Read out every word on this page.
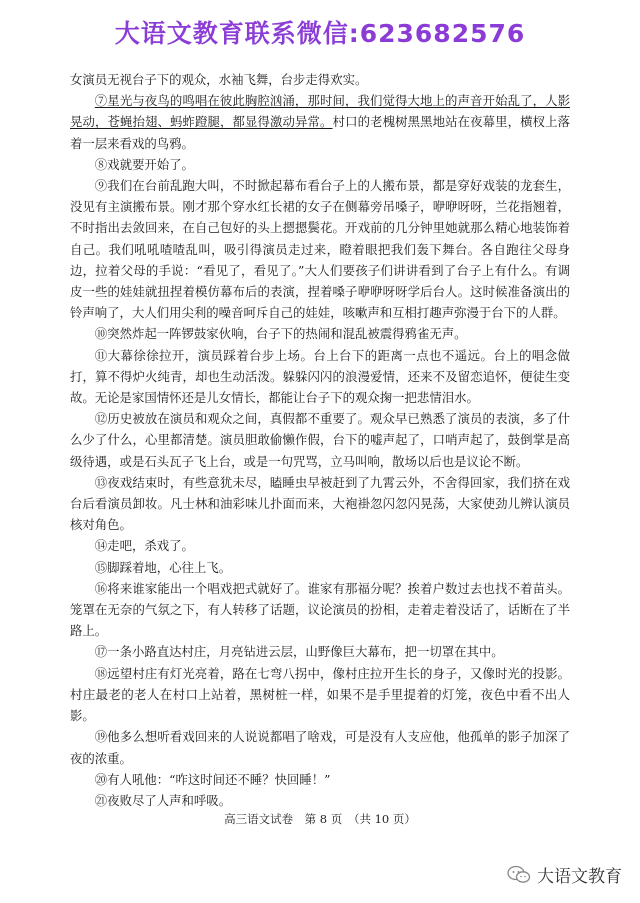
大语文教育联系微信:623682576

女演员无视台子下的观众，水袖飞舞，台步走得欢实。

⑦星光与夜鸟的鸣唱在彼此胸腔汹涌，那时间，我们觉得大地上的声音开始乱了，人影晃动，苍蝇抬翅、蚂蚱蹬腿，都显得激动异常。村口的老槐树黑黑地站在夜幕里，横杈上落着一层来看戏的鸟鸦。

⑧戏就要开始了。

⑨我们在台前乱跑大叫，不时掀起幕布看台子上的人搬布景，都是穿好戏装的龙套生，没见有主演搬布景。刚才那个穿水红长裙的女子在侧幕旁吊嗓子，咿咿呀呀，兰花指翘着，不时指出去敛回来，在自己包好的头上摁摁鬓花。开戏前的几分钟里她就那么精心地装饰着自己。我们吼吼喳喳乱叫，吸引得演员走过来，瞪着眼把我们轰下舞台。各自跑往父母身边，拉着父母的手说：“看见了，看见了。”大人们要孩子们讲讲看到了台子上有什么。有调皮一些的娃娃就扭捏着模仿幕布后的表演，捏着嗓子咿咿呀呀学后台人。这时候准备演出的铃声响了，大人们用尖利的噪音呵斥自己的娃娃，咳嗽声和互相打趣声弥漫于台下的人群。

⑩突然炸起一阵锣鼓家伙响，台子下的热闹和混乱被震得鸦雀无声。

⑪大幕徐徐拉开，演员踩着台步上场。台上台下的距离一点也不遥远。台上的唱念做打，算不得炉火纯青，却也生动活泼。躲躲闪闪的浪漫爱情，还来不及留恋追怀，便徒生变故。无论是家国情怀还是儿女情长，都能让台子下的观众掬一把悲情泪水。

⑫历史被放在演员和观众之间，真假都不重要了。观众早已熟悉了演员的表演，多了什么少了什么，心里都清楚。演员胆敢偷懒作假，台下的嘘声起了，口哨声起了，鼓倒掌是高级待遇，或是石头瓦子飞上台，或是一句咒骂，立马叫响，散场以后也是议论不断。

⑬夜戏结束时，有些意犹未尽，瞌睡虫早被赶到了九霄云外，不舍得回家，我们挤在戏台后看演员卸妆。凡士林和油彩味儿扑面而来，大袍褂忽闪忽闪晃荡，大家使劲儿辨认演员核对角色。

⑭走吧，杀戏了。

⑮脚踩着地，心往上飞。

⑯将来谁家能出一个唱戏把式就好了。谁家有那福分呢？挨着户数过去也找不着苗头。笼罩在无奈的气氛之下，有人转移了话题，议论演员的扮相，走着走着没话了，话断在了半路上。

⑰一条小路直达村庄，月亮钻进云层，山野像巨大幕布，把一切罩在其中。

⑱远望村庄有灯光亮着，路在七弯八拐中，像村庄拉开生长的身子，又像时光的投影。村庄最老的老人在村口上站着，黑树桩一样，如果不是手里提着的灯笼，夜色中看不出人影。

⑲他多么想听看戏回来的人说说都唱了啥戏，可是没有人支应他，他孤单的影子加深了夜的浓重。

⑳有人吼他：“咋这时间还不睡？快回睡！”

㉑夜败尽了人声和呼吸。

高三语文试卷　第 8 页　（共 10 页）
大语文教育
